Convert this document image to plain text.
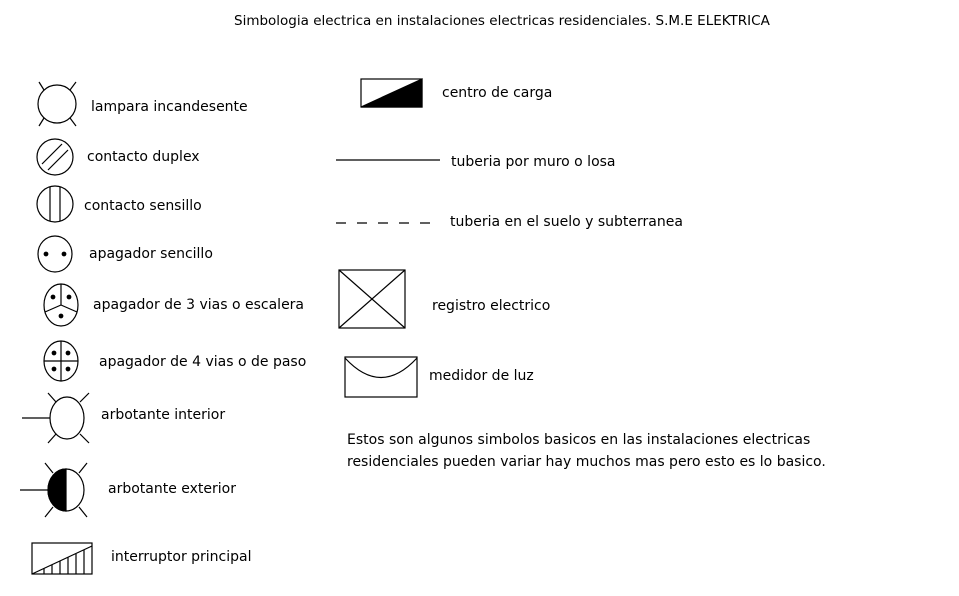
Simbologia electrica en instalaciones electricas residenciales. S.M.E ELEKTRICA
lampara incandesente
contacto duplex
contacto sensillo
apagador sencillo
apagador de 3 vias o escalera
apagador de 4 vias o de paso
arbotante interior
arbotante exterior
interruptor principal
centro de carga
tuberia por muro o losa
tuberia en el suelo y subterranea
registro electrico
medidor de luz
Estos son algunos simbolos basicos en las instalaciones electricas
residenciales pueden variar hay muchos mas pero esto es lo basico.
